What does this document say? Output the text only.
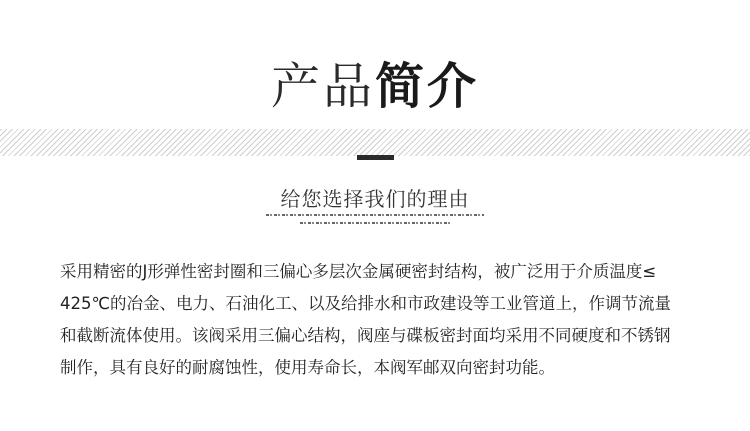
产品简介
给您选择我们的理由
采用精密的J形弹性密封圈和三偏心多层次金属硬密封结构，被广泛用于介质温度≤
425℃的冶金、电力、石油化工、以及给排水和市政建设等工业管道上，作调节流量
和截断流体使用。该阀采用三偏心结构，阀座与碟板密封面均采用不同硬度和不锈钢
制作，具有良好的耐腐蚀性，使用寿命长，本阀军邮双向密封功能。
